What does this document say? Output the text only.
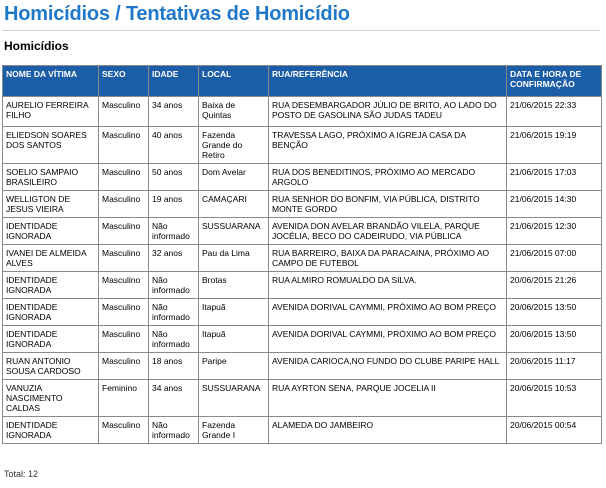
Homicídios / Tentativas de Homicídio
Homicídios
NOME DA VÍTIMA	SEXO	IDADE	LOCAL	RUA/REFERÊNCIA	DATA E HORA DE CONFIRMAÇÃO
AURELIO FERREIRA FILHO	Masculino	34 anos	Baixa de Quintas	RUA DESEMBARGADOR JÚLIO DE BRITO, AO LADO DO POSTO DE GASOLINA SÃO JUDAS TADEU	21/06/2015 22:33
ELIEDSON SOARES DOS SANTOS	Masculino	40 anos	Fazenda Grande do Retiro	TRAVESSA LAGO, PRÓXIMO A IGREJA CASA DA BENÇÃO	21/06/2015 19:19
SOELIO SAMPAIO BRASILEIRO	Masculino	50 anos	Dom Avelar	RUA DOS BENEDITINOS, PRÓXIMO AO MERCADO ARGOLO	21/06/2015 17:03
WELLIGTON DE JESUS VIEIRA	Masculino	19 anos	CAMAÇARI	RUA SENHOR DO BONFIM, VIA PÚBLICA, DISTRITO MONTE GORDO	21/06/2015 14:30
IDENTIDADE IGNORADA	Masculino	Não informado	SUSSUARANA	AVENIDA DON AVELAR BRANDÃO VILELA, PARQUE JOCÉLIA, BECO DO CADEIRUDO, VIA PÚBLICA	21/06/2015 12:30
IVANEI DE ALMEIDA ALVES	Masculino	32 anos	Pau da Lima	RUA BARREIRO, BAIXA DA PARACAINA, PRÓXIMO AO CAMPO DE FUTEBOL	21/06/2015 07:00
IDENTIDADE IGNORADA	Masculino	Não informado	Brotas	RUA ALMIRO ROMUALDO DA SILVA.	20/06/2015 21:26
IDENTIDADE IGNORADA	Masculino	Não informado	Itapuã	AVENIDA DORIVAL CAYMMI, PRÓXIMO AO BOM PREÇO	20/06/2015 13:50
IDENTIDADE IGNORADA	Masculino	Não informado	Itapuã	AVENIDA DORIVAL CAYMMI, PRÓXIMO AO BOM PREÇO	20/06/2015 13:50
RUAN ANTONIO SOUSA CARDOSO	Masculino	18 anos	Paripe	AVENIDA CARIOCA,NO FUNDO DO CLUBE PARIPE HALL	20/06/2015 11:17
VANUZIA NASCIMENTO CALDAS	Feminino	34 anos	SUSSUARANA	RUA AYRTON SENA, PARQUE JOCELIA II	20/06/2015 10:53
IDENTIDADE IGNORADA	Masculino	Não informado	Fazenda Grande I	ALAMEDA DO JAMBEIRO	20/06/2015 00:54
Total: 12
